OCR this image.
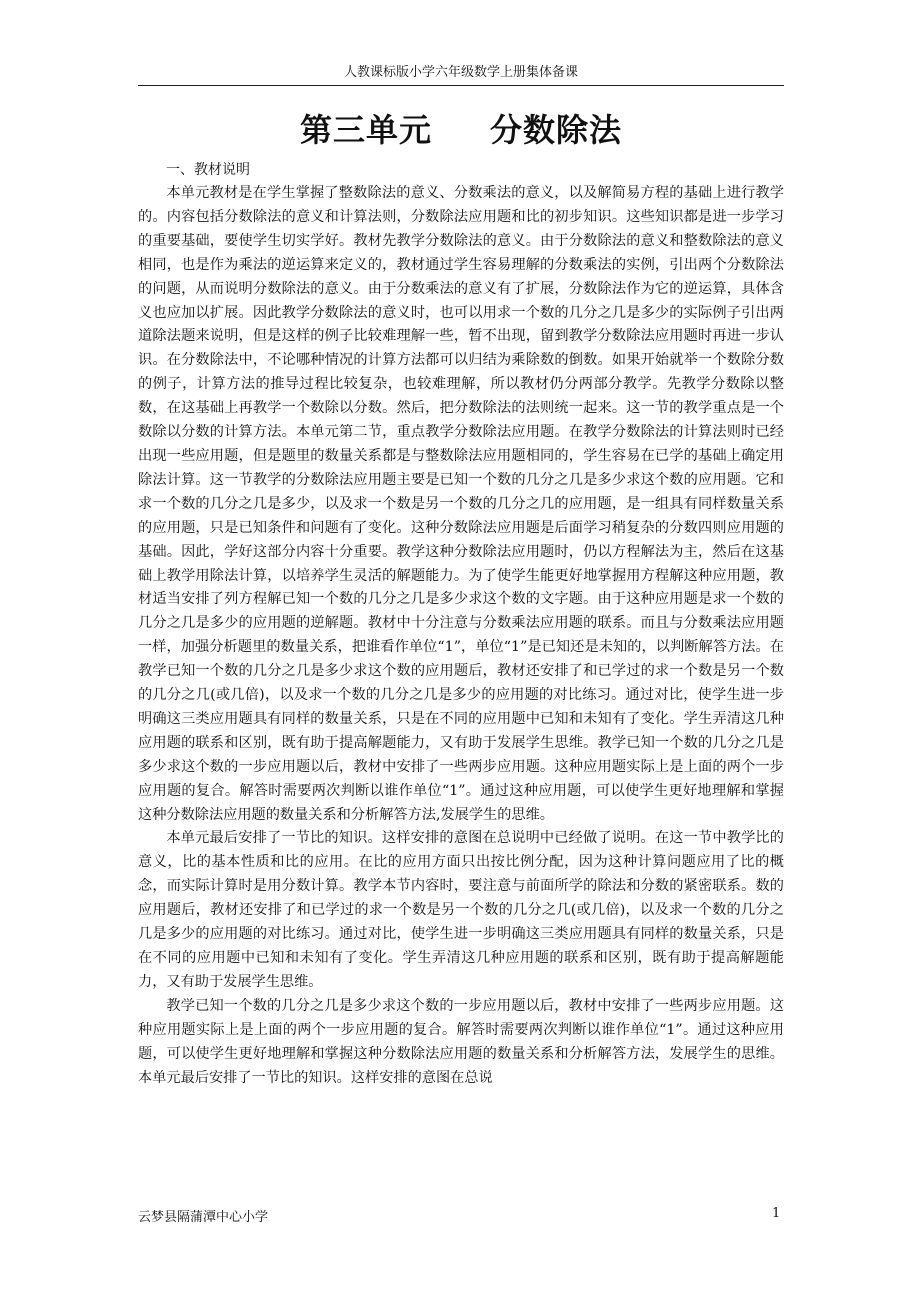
人教课标版小学六年级数学上册集体备课
第三单元 分数除法

一、教材说明

本单元教材是在学生掌握了整数除法的意义、分数乘法的意义，以及解简易方程的基础上进行教学的。内容包括分数除法的意义和计算法则，分数除法应用题和比的初步知识。这些知识都是进一步学习的重要基础，要使学生切实学好。教材先教学分数除法的意义。由于分数除法的意义和整数除法的意义相同，也是作为乘法的逆运算来定义的，教材通过学生容易理解的分数乘法的实例，引出两个分数除法的问题，从而说明分数除法的意义。由于分数乘法的意义有了扩展，分数除法作为它的逆运算，具体含义也应加以扩展。因此教学分数除法的意义时，也可以用求一个数的几分之几是多少的实际例子引出两道除法题来说明，但是这样的例子比较难理解一些，暂不出现，留到教学分数除法应用题时再进一步认识。在分数除法中，不论哪种情况的计算方法都可以归结为乘除数的倒数。如果开始就举一个数除分数的例子，计算方法的推导过程比较复杂，也较难理解，所以教材仍分两部分教学。先教学分数除以整数，在这基础上再教学一个数除以分数。然后，把分数除法的法则统一起来。这一节的教学重点是一个数除以分数的计算方法。本单元第二节，重点教学分数除法应用题。在教学分数除法的计算法则时已经出现一些应用题，但是题里的数量关系都是与整数除法应用题相同的，学生容易在已学的基础上确定用除法计算。这一节教学的分数除法应用题主要是已知一个数的几分之几是多少求这个数的应用题。它和求一个数的几分之几是多少，以及求一个数是另一个数的几分之几的应用题，是一组具有同样数量关系的应用题，只是已知条件和问题有了变化。这种分数除法应用题是后面学习稍复杂的分数四则应用题的基础。因此，学好这部分内容十分重要。教学这种分数除法应用题时，仍以方程解法为主，然后在这基础上教学用除法计算，以培养学生灵活的解题能力。为了使学生能更好地掌握用方程解这种应用题，教材适当安排了列方程解已知一个数的几分之几是多少求这个数的文字题。由于这种应用题是求一个数的几分之几是多少的应用题的逆解题。教材中十分注意与分数乘法应用题的联系。而且与分数乘法应用题一样，加强分析题里的数量关系，把谁看作单位“1”，单位“1”是已知还是未知的，以判断解答方法。在教学已知一个数的几分之几是多少求这个数的应用题后，教材还安排了和已学过的求一个数是另一个数的几分之几(或几倍)，以及求一个数的几分之几是多少的应用题的对比练习。通过对比，使学生进一步明确这三类应用题具有同样的数量关系，只是在不同的应用题中已知和未知有了变化。学生弄清这几种应用题的联系和区别，既有助于提高解题能力，又有助于发展学生思维。教学已知一个数的几分之几是多少求这个数的一步应用题以后，教材中安排了一些两步应用题。这种应用题实际上是上面的两个一步应用题的复合。解答时需要两次判断以谁作单位“1”。通过这种应用题，可以使学生更好地理解和掌握这种分数除法应用题的数量关系和分析解答方法,发展学生的思维。

本单元最后安排了一节比的知识。这样安排的意图在总说明中已经做了说明。在这一节中教学比的意义，比的基本性质和比的应用。在比的应用方面只出按比例分配，因为这种计算问题应用了比的概念，而实际计算时是用分数计算。教学本节内容时，要注意与前面所学的除法和分数的紧密联系。数的应用题后，教材还安排了和已学过的求一个数是另一个数的几分之几(或几倍)，以及求一个数的几分之几是多少的应用题的对比练习。通过对比，使学生进一步明确这三类应用题具有同样的数量关系，只是在不同的应用题中已知和未知有了变化。学生弄清这几种应用题的联系和区别，既有助于提高解题能力，又有助于发展学生思维。

教学已知一个数的几分之几是多少求这个数的一步应用题以后，教材中安排了一些两步应用题。这种应用题实际上是上面的两个一步应用题的复合。解答时需要两次判断以谁作单位“1”。通过这种应用题，可以使学生更好地理解和掌握这种分数除法应用题的数量关系和分析解答方法，发展学生的思维。本单元最后安排了一节比的知识。这样安排的意图在总说

云梦县隔蒲潭中心小学	1
